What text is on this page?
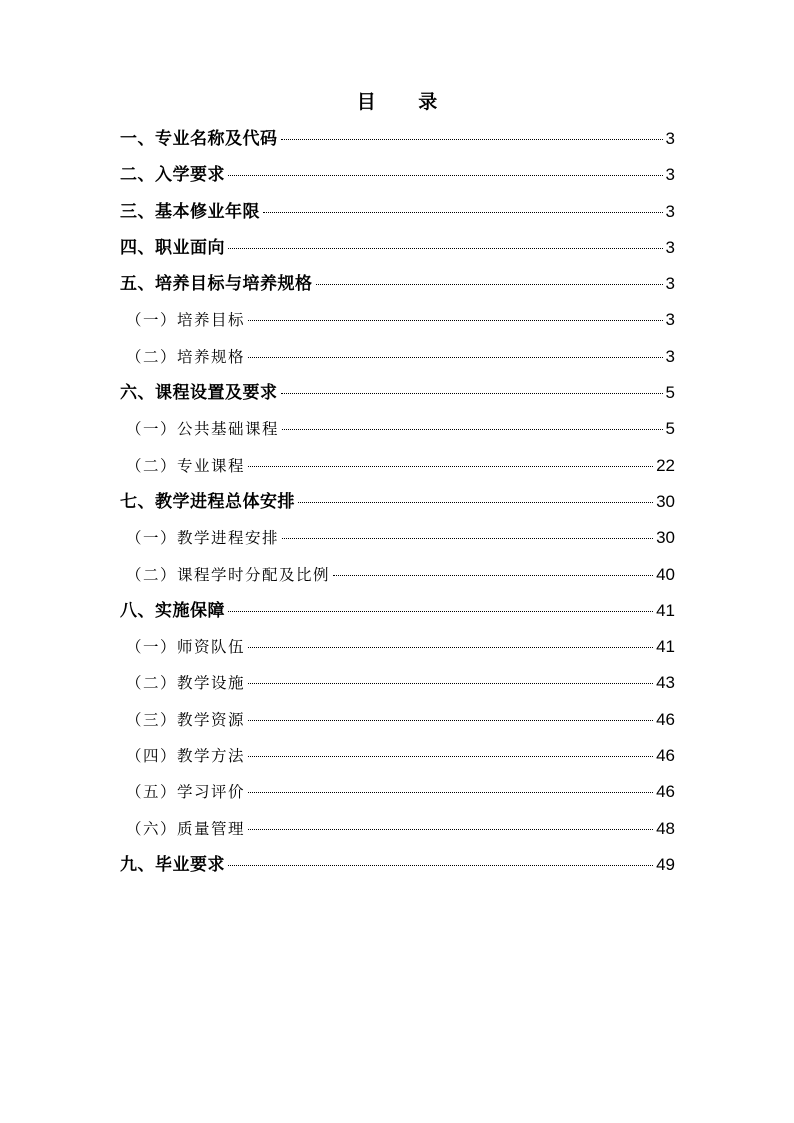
目 录
一、专业名称及代码	3
二、入学要求	3
三、基本修业年限	3
四、职业面向	3
五、培养目标与培养规格	3
（一）培养目标	3
（二）培养规格	3
六、课程设置及要求	5
（一）公共基础课程	5
（二）专业课程	22
七、教学进程总体安排	30
（一）教学进程安排	30
（二）课程学时分配及比例	40
八、实施保障	41
（一）师资队伍	41
（二）教学设施	43
（三）教学资源	46
（四）教学方法	46
（五）学习评价	46
（六）质量管理	48
九、毕业要求	49
